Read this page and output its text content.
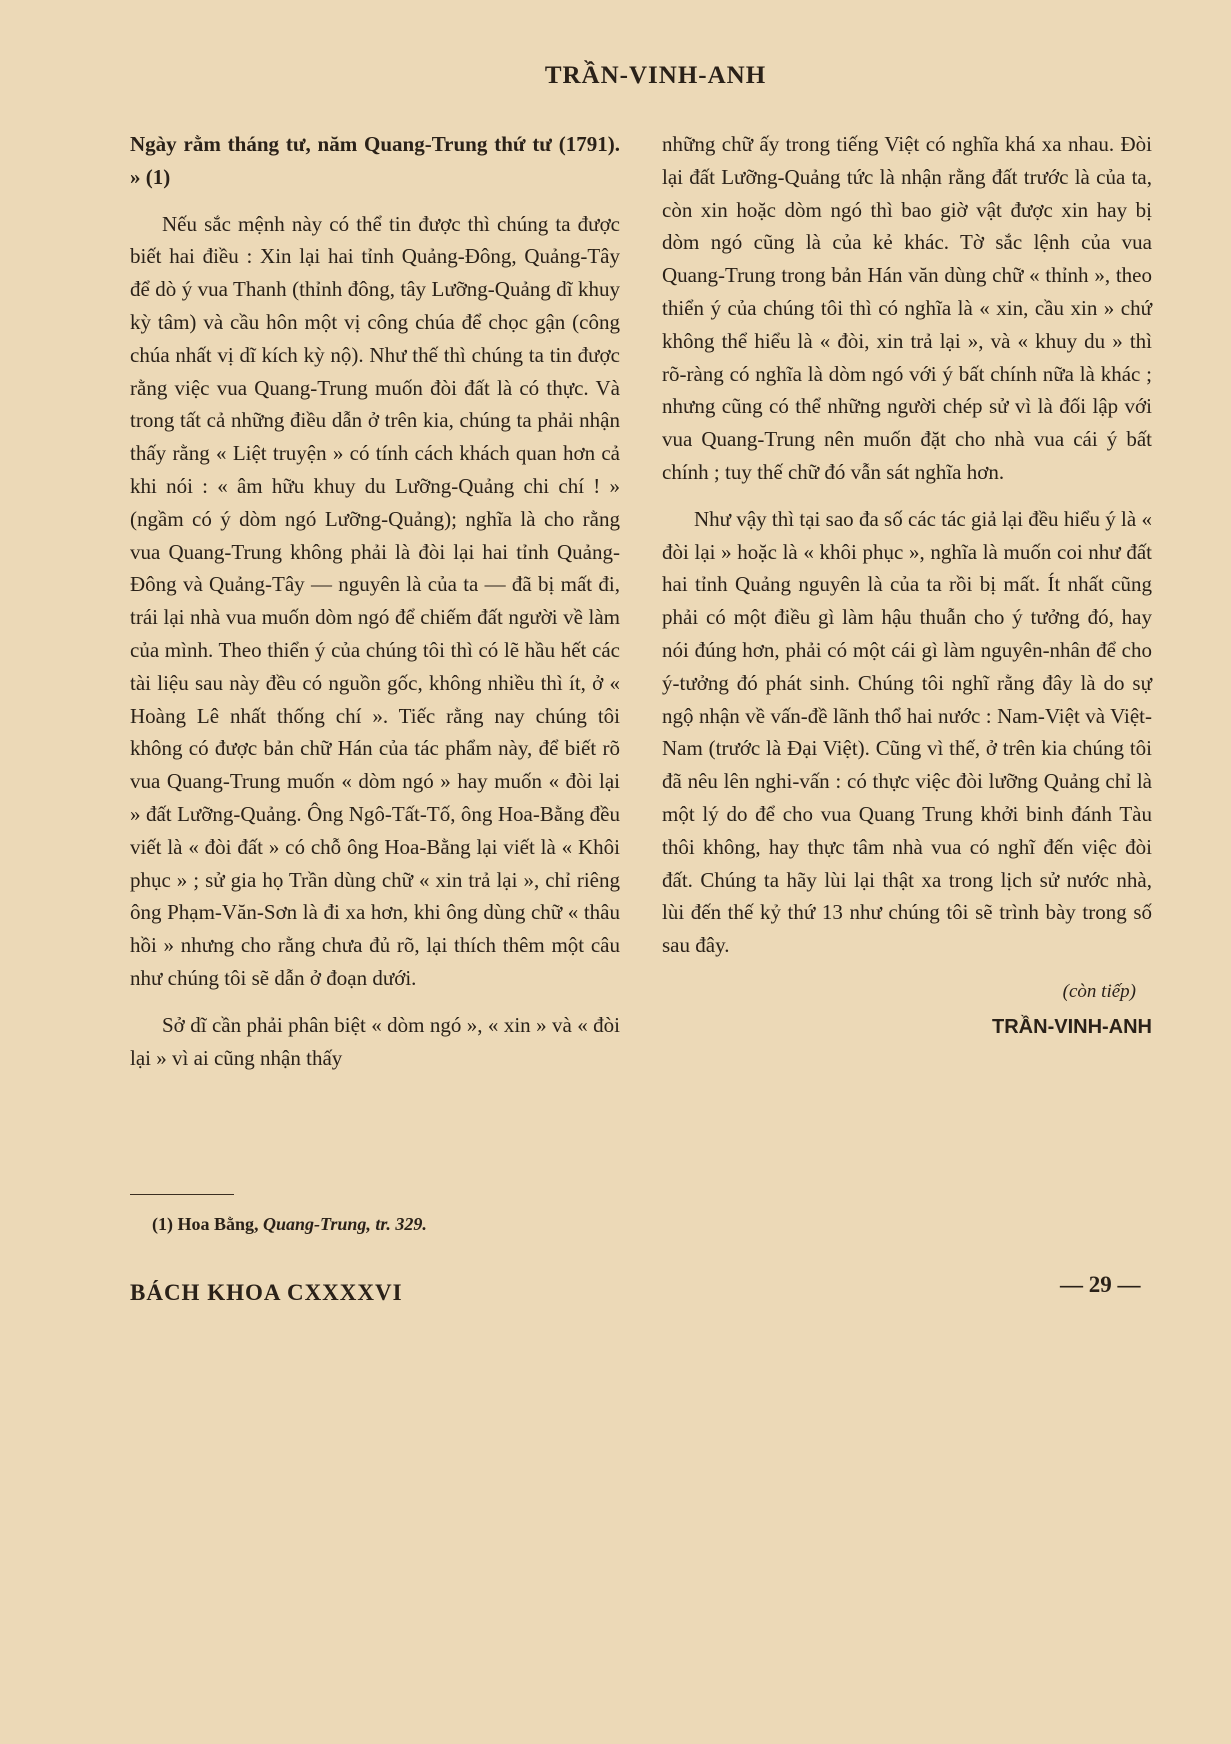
TRẦN-VINH-ANH

Ngày rằm tháng tư, năm Quang-Trung thứ tư (1791). » (1)

Nếu sắc mệnh này có thể tin được thì chúng ta được biết hai điều : Xin lại hai tỉnh Quảng-Đông, Quảng-Tây để dò ý vua Thanh (thỉnh đông, tây Lưỡng-Quảng dĩ khuy kỳ tâm) và cầu hôn một vị công chúa để chọc gận (công chúa nhất vị dĩ kích kỳ nộ). Như thế thì chúng ta tin được rằng việc vua Quang-Trung muốn đòi đất là có thực. Và trong tất cả những điều dẫn ở trên kia, chúng ta phải nhận thấy rằng « Liệt truyện » có tính cách khách quan hơn cả khi nói : « âm hữu khuy du Lưỡng-Quảng chi chí ! » (ngầm có ý dòm ngó Lưỡng-Quảng); nghĩa là cho rằng vua Quang-Trung không phải là đòi lại hai tỉnh Quảng-Đông và Quảng-Tây — nguyên là của ta — đã bị mất đi, trái lại nhà vua muốn dòm ngó để chiếm đất người về làm của mình. Theo thiển ý của chúng tôi thì có lẽ hầu hết các tài liệu sau này đều có nguồn gốc, không nhiều thì ít, ở « Hoàng Lê nhất thống chí ». Tiếc rằng nay chúng tôi không có được bản chữ Hán của tác phẩm này, để biết rõ vua Quang-Trung muốn « dòm ngó » hay muốn « đòi lại » đất Lưỡng-Quảng. Ông Ngô-Tất-Tố, ông Hoa-Bằng đều viết là « đòi đất » có chỗ ông Hoa-Bằng lại viết là « Khôi phục » ; sử gia họ Trần dùng chữ « xin trả lại », chỉ riêng ông Phạm-Văn-Sơn là đi xa hơn, khi ông dùng chữ « thâu hồi » nhưng cho rằng chưa đủ rõ, lại thích thêm một câu như chúng tôi sẽ dẫn ở đoạn dưới.

Sở dĩ cần phải phân biệt « dòm ngó », « xin » và « đòi lại » vì ai cũng nhận thấy

những chữ ấy trong tiếng Việt có nghĩa khá xa nhau. Đòi lại đất Lưỡng-Quảng tức là nhận rằng đất trước là của ta, còn xin hoặc dòm ngó thì bao giờ vật được xin hay bị dòm ngó cũng là của kẻ khác. Tờ sắc lệnh của vua Quang-Trung trong bản Hán văn dùng chữ « thỉnh », theo thiển ý của chúng tôi thì có nghĩa là « xin, cầu xin » chứ không thể hiểu là « đòi, xin trả lại », và « khuy du » thì rõ-ràng có nghĩa là dòm ngó với ý bất chính nữa là khác ; nhưng cũng có thể những người chép sử vì là đối lập với vua Quang-Trung nên muốn đặt cho nhà vua cái ý bất chính ; tuy thế chữ đó vẫn sát nghĩa hơn.

Như vậy thì tại sao đa số các tác giả lại đều hiểu ý là « đòi lại » hoặc là « khôi phục », nghĩa là muốn coi như đất hai tỉnh Quảng nguyên là của ta rồi bị mất. Ít nhất cũng phải có một điều gì làm hậu thuẫn cho ý tưởng đó, hay nói đúng hơn, phải có một cái gì làm nguyên-nhân để cho ý-tưởng đó phát sinh. Chúng tôi nghĩ rằng đây là do sự ngộ nhận về vấn-đề lãnh thổ hai nước : Nam-Việt và Việt-Nam (trước là Đại Việt). Cũng vì thế, ở trên kia chúng tôi đã nêu lên nghi-vấn : có thực việc đòi lưỡng Quảng chỉ là một lý do để cho vua Quang Trung khởi binh đánh Tàu thôi không, hay thực tâm nhà vua có nghĩ đến việc đòi đất. Chúng ta hãy lùi lại thật xa trong lịch sử nước nhà, lùi đến thế kỷ thứ 13 như chúng tôi sẽ trình bày trong số sau đây.

(còn tiếp)
TRẦN-VINH-ANH
(1) Hoa Bằng, Quang-Trung, tr. 329.
BÁCH KHOA CXXXXVI	— 29 —
